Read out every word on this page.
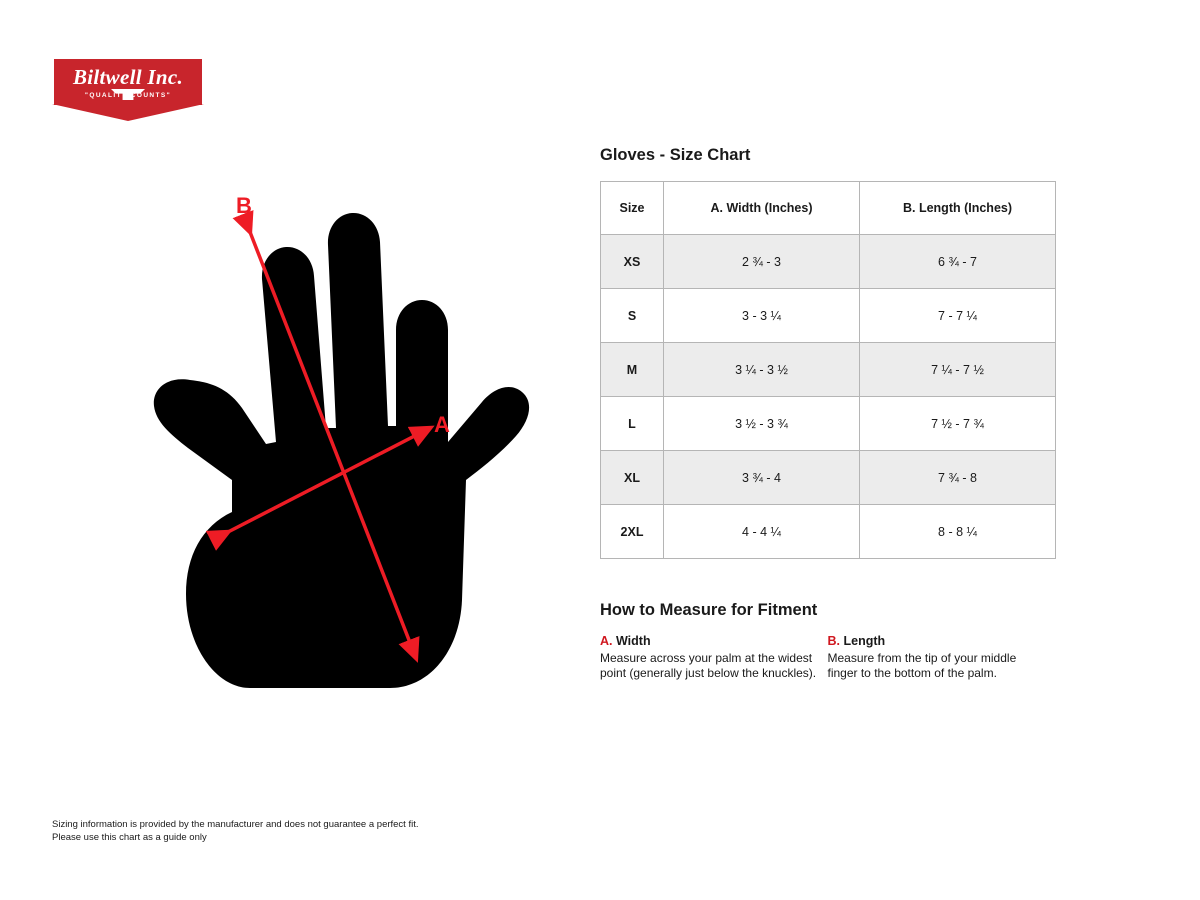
Biltwell Inc.
"QUALITY COUNTS"
B
A
Gloves - Size Chart
Size	A. Width (Inches)	B. Length (Inches)
XS	2 ¾ - 3	6 ¾ - 7
S	3 - 3 ¼	7 - 7 ¼
M	3 ¼ - 3 ½	7 ¼ - 7 ½
L	3 ½ - 3 ¾	7 ½ - 7 ¾
XL	3 ¾ - 4	7 ¾ - 8
2XL	4 - 4 ¼	8 - 8 ¼
How to Measure for Fitment
A. Width
Measure across your palm at the widest point (generally just below the knuckles).
B. Length
Measure from the tip of your middle finger to the bottom of the palm.
Sizing information is provided by the manufacturer and does not guarantee a perfect fit.
Please use this chart as a guide only
